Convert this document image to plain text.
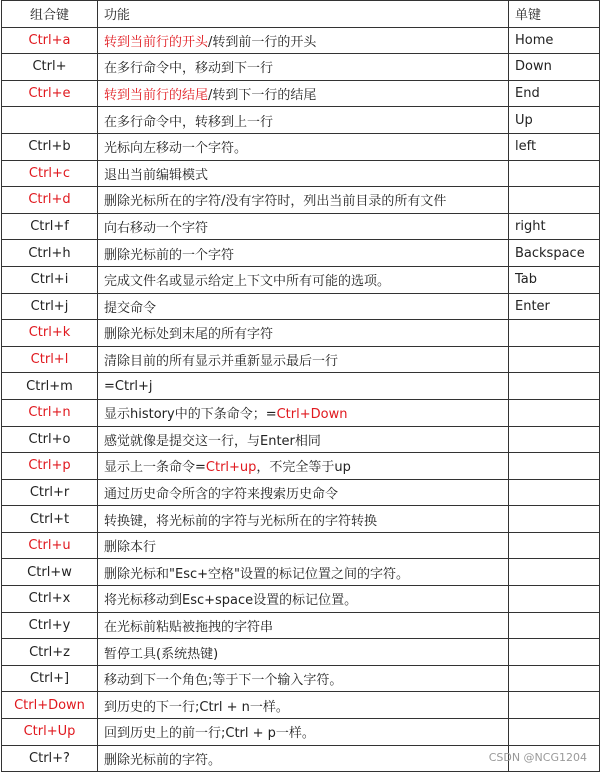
组合键	功能	单键
Ctrl+a	转到当前行的开头/转到前一行的开头	Home
Ctrl+	在多行命令中，移动到下一行	Down
Ctrl+e	转到当前行的结尾/转到下一行的结尾	End
	在多行命令中，转移到上一行	Up
Ctrl+b	光标向左移动一个字符。	left
Ctrl+c	退出当前编辑模式	
Ctrl+d	删除光标所在的字符/没有字符时，列出当前目录的所有文件	
Ctrl+f	向右移动一个字符	right
Ctrl+h	删除光标前的一个字符	Backspace
Ctrl+i	完成文件名或显示给定上下文中所有可能的选项。	Tab
Ctrl+j	提交命令	Enter
Ctrl+k	删除光标处到末尾的所有字符	
Ctrl+l	清除目前的所有显示并重新显示最后一行	
Ctrl+m	=Ctrl+j	
Ctrl+n	显示history中的下条命令；=Ctrl+Down	
Ctrl+o	感觉就像是提交这一行，与Enter相同	
Ctrl+p	显示上一条命令=Ctrl+up，不完全等于up	
Ctrl+r	通过历史命令所含的字符来搜索历史命令	
Ctrl+t	转换键，将光标前的字符与光标所在的字符转换	
Ctrl+u	删除本行	
Ctrl+w	删除光标和"Esc+空格"设置的标记位置之间的字符。	
Ctrl+x	将光标移动到Esc+space设置的标记位置。	
Ctrl+y	在光标前粘贴被拖拽的字符串	
Ctrl+z	暂停工具(系统热键)	
Ctrl+]	移动到下一个角色;等于下一个输入字符。	
Ctrl+Down	到历史的下一行;Ctrl + n一样。	
Ctrl+Up	回到历史上的前一行;Ctrl + p一样。	
Ctrl+?	删除光标前的字符。		CSDN @NCG1204
